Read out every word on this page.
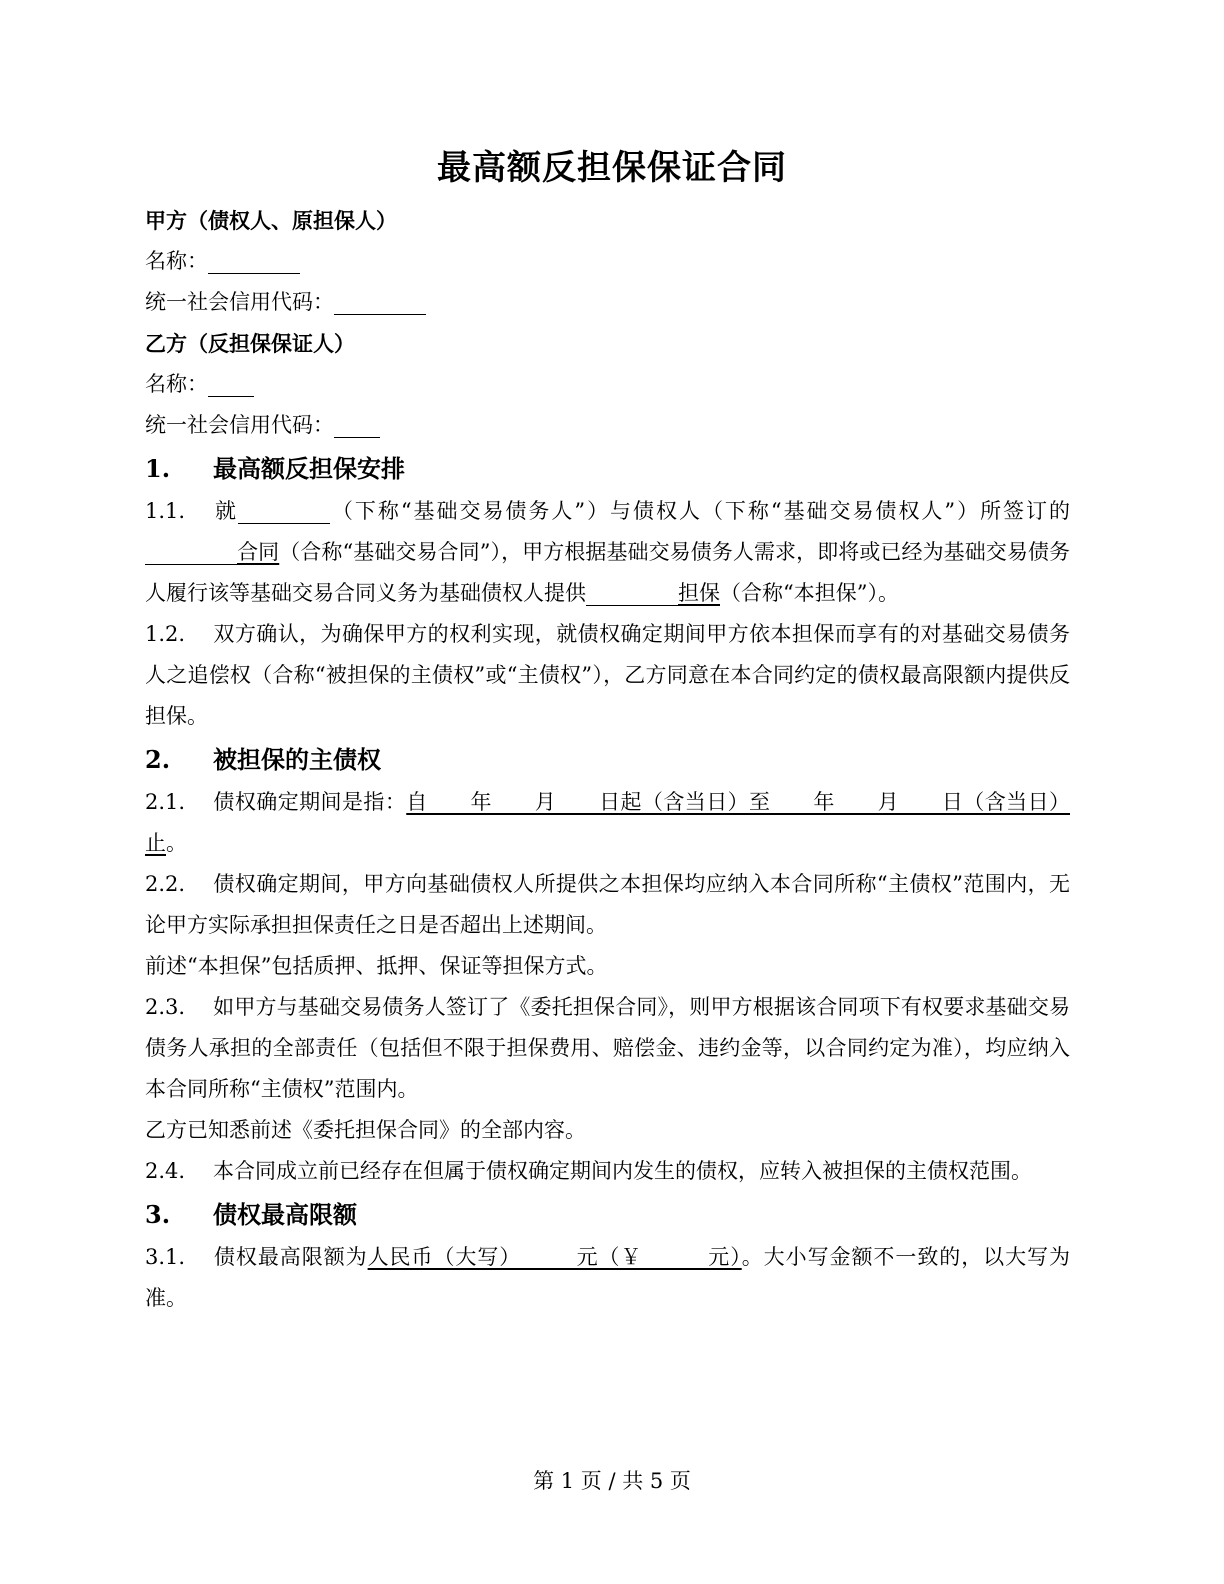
最高额反担保保证合同
甲方（债权人、原担保人）
名称：
统一社会信用代码：
乙方（反担保保证人）
名称：
统一社会信用代码：
1. 最高额反担保安排
1.1. 就	（下称“基础交易债务人”）与债权人（下称“基础交易债权人”）所签订的合同（合称“基础交易合同”），甲方根据基础交易债务人需求，即将或已经为基础交易债务人履行该等基础交易合同义务为基础债权人提供	担保（合称“本担保”）。
1.2. 双方确认，为确保甲方的权利实现，就债权确定期间甲方依本担保而享有的对基础交易债务人之追偿权（合称“被担保的主债权”或“主债权”），乙方同意在本合同约定的债权最高限额内提供反担保。
2. 被担保的主债权
2.1. 债权确定期间是指：自　　年　　月　　日起（含当日）至　　年　　月　　日（含当日）止。
2.2. 债权确定期间，甲方向基础债权人所提供之本担保均应纳入本合同所称“主债权”范围内，无论甲方实际承担担保责任之日是否超出上述期间。
前述“本担保”包括质押、抵押、保证等担保方式。
2.3. 如甲方与基础交易债务人签订了《委托担保合同》，则甲方根据该合同项下有权要求基础交易债务人承担的全部责任（包括但不限于担保费用、赔偿金、违约金等，以合同约定为准），均应纳入本合同所称“主债权”范围内。
乙方已知悉前述《委托担保合同》的全部内容。
2.4. 本合同成立前已经存在但属于债权确定期间内发生的债权，应转入被担保的主债权范围。
3. 债权最高限额
3.1. 债权最高限额为人民币（大写）　　　元（￥　　　元）。大小写金额不一致的，以大写为准。
第 1 页 / 共 5 页
